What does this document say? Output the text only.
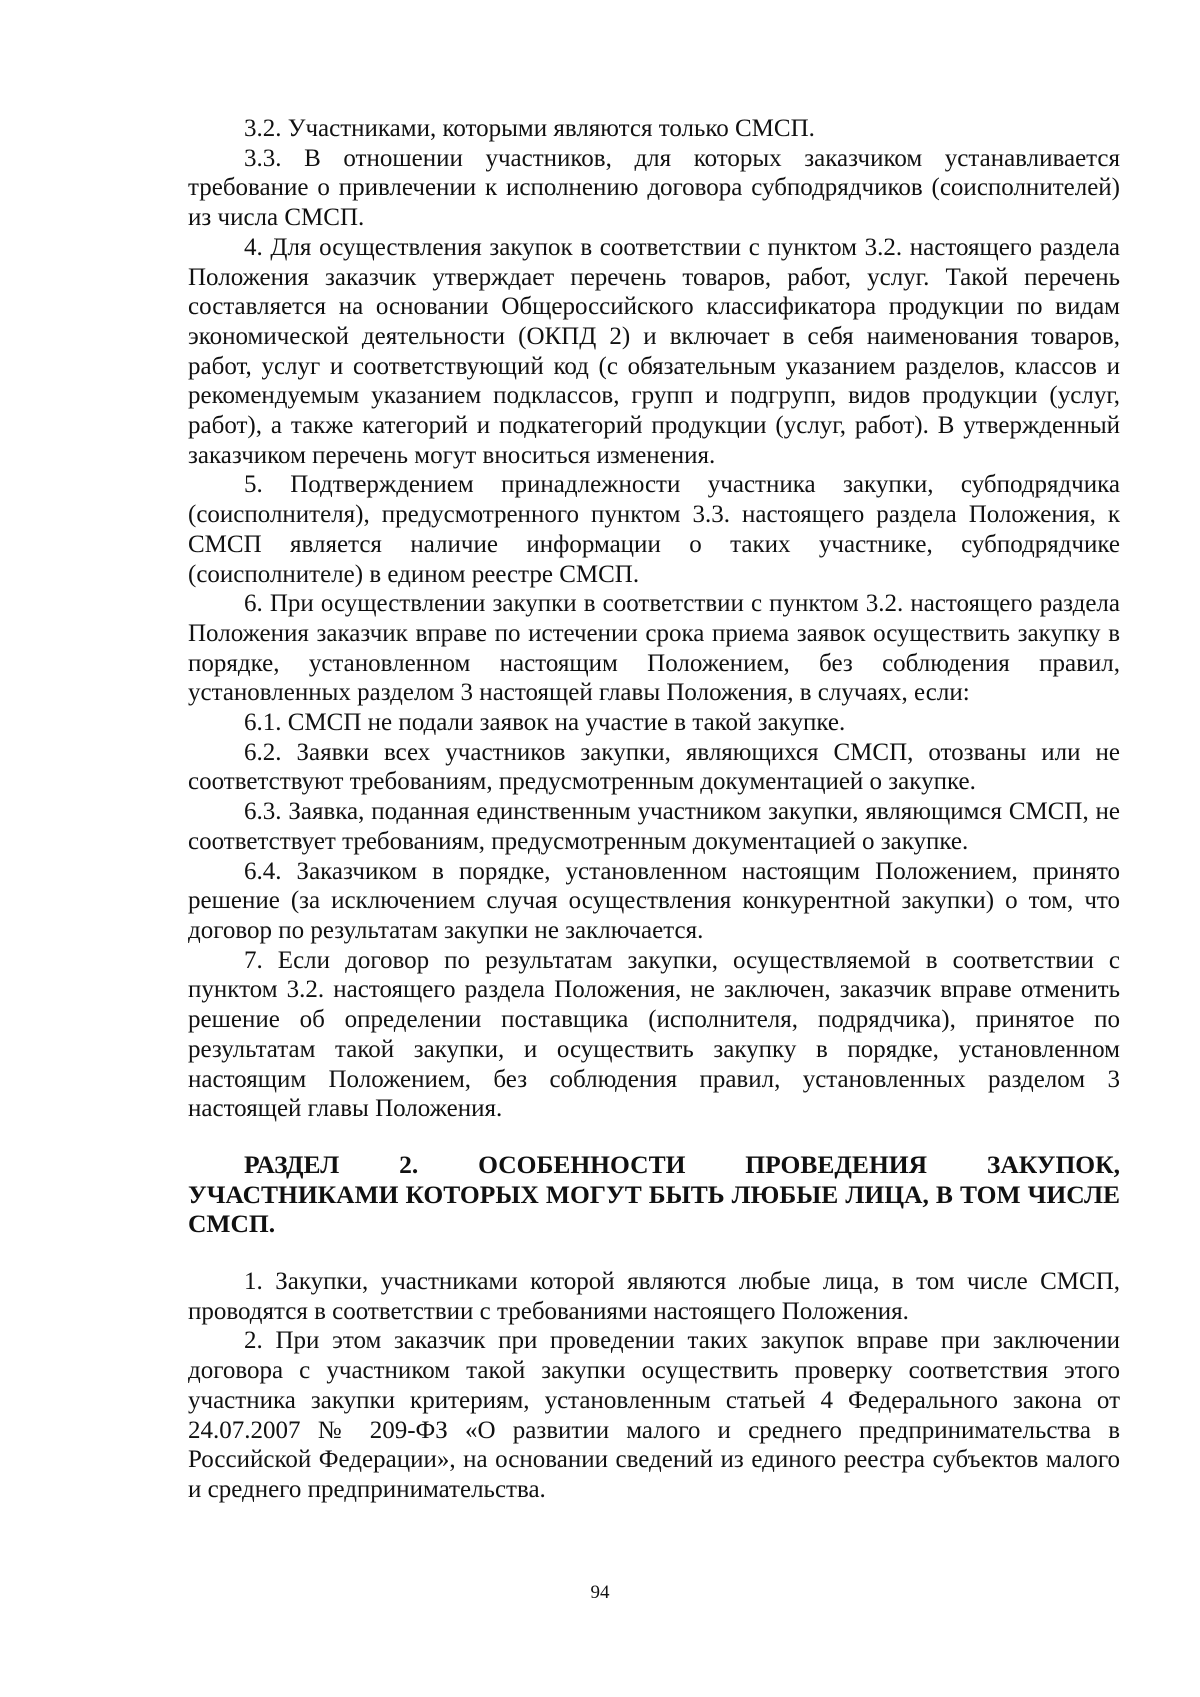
3.2. Участниками, которыми являются только СМСП.

3.3. В отношении участников, для которых заказчиком устанавливается требование о привлечении к исполнению договора субподрядчиков (соисполнителей) из числа СМСП.

4. Для осуществления закупок в соответствии с пунктом 3.2. настоящего раздела Положения заказчик утверждает перечень товаров, работ, услуг. Такой перечень составляется на основании Общероссийского классификатора продукции по видам экономической деятельности (ОКПД 2) и включает в себя наименования товаров, работ, услуг и соответствующий код (с обязательным указанием разделов, классов и рекомендуемым указанием подклассов, групп и подгрупп, видов продукции (услуг, работ), а также категорий и подкатегорий продукции (услуг, работ). В утвержденный заказчиком перечень могут вноситься изменения.

5. Подтверждением принадлежности участника закупки, субподрядчика (соисполнителя), предусмотренного пунктом 3.3. настоящего раздела Положения, к СМСП является наличие информации о таких участнике, субподрядчике (соисполнителе) в едином реестре СМСП.

6. При осуществлении закупки в соответствии с пунктом 3.2. настоящего раздела Положения заказчик вправе по истечении срока приема заявок осуществить закупку в порядке, установленном настоящим Положением, без соблюдения правил, установленных разделом 3 настоящей главы Положения, в случаях, если:

6.1. СМСП не подали заявок на участие в такой закупке.

6.2. Заявки всех участников закупки, являющихся СМСП, отозваны или не соответствуют требованиям, предусмотренным документацией о закупке.

6.3. Заявка, поданная единственным участником закупки, являющимся СМСП, не соответствует требованиям, предусмотренным документацией о закупке.

6.4. Заказчиком в порядке, установленном настоящим Положением, принято решение (за исключением случая осуществления конкурентной закупки) о том, что договор по результатам закупки не заключается.

7. Если договор по результатам закупки, осуществляемой в соответствии с пунктом 3.2. настоящего раздела Положения, не заключен, заказчик вправе отменить решение об определении поставщика (исполнителя, подрядчика), принятое по результатам такой закупки, и осуществить закупку в порядке, установленном настоящим Положением, без соблюдения правил, установленных разделом 3 настоящей главы Положения.

РАЗДЕЛ 2. ОСОБЕННОСТИ ПРОВЕДЕНИЯ ЗАКУПОК, УЧАСТНИКАМИ КОТОРЫХ МОГУТ БЫТЬ ЛЮБЫЕ ЛИЦА, В ТОМ ЧИСЛЕ СМСП.

1. Закупки, участниками которой являются любые лица, в том числе СМСП, проводятся в соответствии с требованиями настоящего Положения.

2. При этом заказчик при проведении таких закупок вправе при заключении договора с участником такой закупки осуществить проверку соответствия этого участника закупки критериям, установленным статьей 4 Федерального закона от 24.07.2007 № 209-ФЗ «О развитии малого и среднего предпринимательства в Российской Федерации», на основании сведений из единого реестра субъектов малого и среднего предпринимательства.

94
